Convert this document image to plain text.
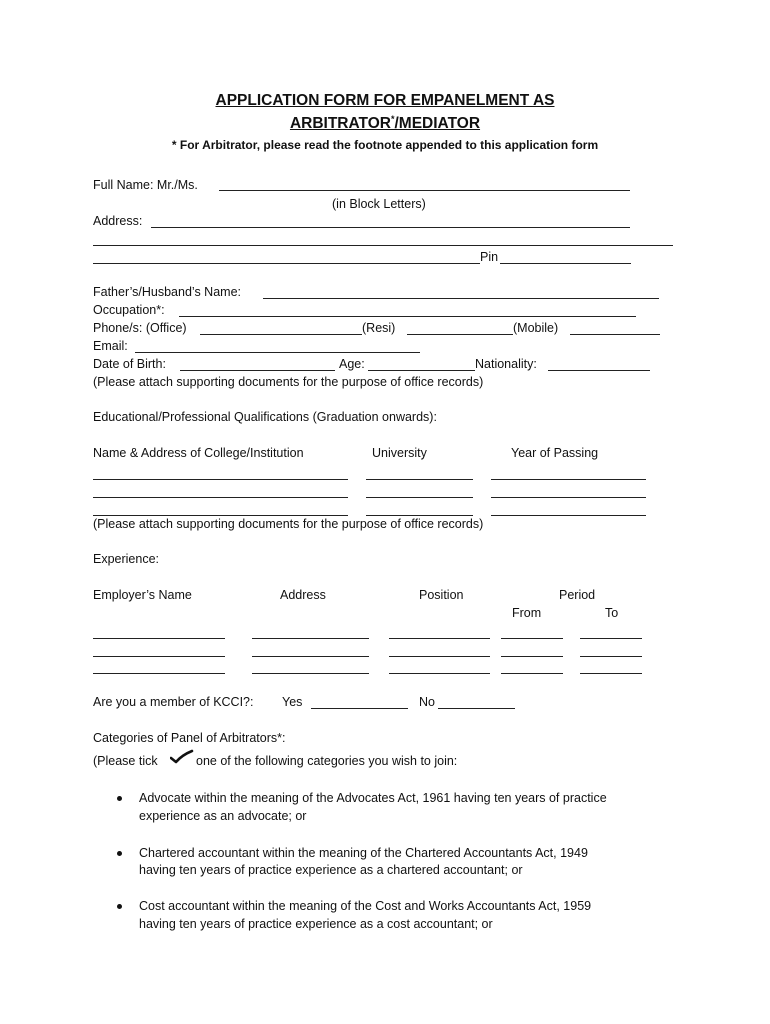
APPLICATION FORM FOR EMPANELMENT AS
ARBITRATOR*/MEDIATOR
* For Arbitrator, please read the footnote appended to this application form
Full Name: Mr./Ms.
(in Block Letters)
Address:
Pin
Father’s/Husband’s Name:
Occupation*:
Phone/s: (Office)	(Resi)	(Mobile)
Email:
Date of Birth:	Age:	Nationality:
(Please attach supporting documents for the purpose of office records)
Educational/Professional Qualifications (Graduation onwards):
Name & Address of College/Institution	University	Year of Passing
(Please attach supporting documents for the purpose of office records)
Experience:
Employer’s Name	Address	Position	Period
From	To
Are you a member of KCCI?: Yes	No
Categories of Panel of Arbitrators*:
(Please tick	one of the following categories you wish to join:
Advocate within the meaning of the Advocates Act, 1961 having ten years of practice
experience as an advocate; or
Chartered accountant within the meaning of the Chartered Accountants Act, 1949
having ten years of practice experience as a chartered accountant; or
Cost accountant within the meaning of the Cost and Works Accountants Act, 1959
having ten years of practice experience as a cost accountant; or
